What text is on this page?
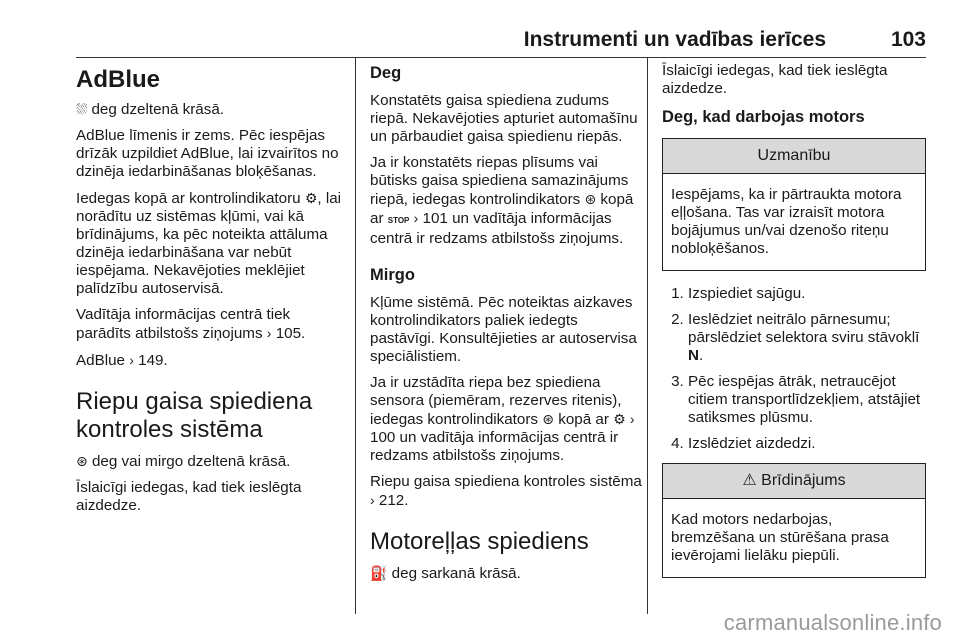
Instrumenti un vadības ierīces	103
AdBlue

⛆ deg dzeltenā krāsā.

AdBlue līmenis ir zems. Pēc iespējas drīzāk uzpildiet AdBlue, lai izvairītos no dzinēja iedarbināšanas bloķēšanas.

Iedegas kopā ar kontrolindikatoru ⚙, lai norādītu uz sistēmas kļūmi, vai kā brīdinājums, ka pēc noteikta attāluma dzinēja iedarbināšana var nebūt iespējama. Nekavējoties meklējiet palīdzību autoservisā.

Vadītāja informācijas centrā tiek parādīts atbilstošs ziņojums › 105.

AdBlue › 149.

Riepu gaisa spiediena kontroles sistēma

⊛ deg vai mirgo dzeltenā krāsā.

Īslaicīgi iedegas, kad tiek ieslēgta aizdedze.

Deg

Konstatēts gaisa spiediena zudums riepā. Nekavējoties apturiet automašīnu un pārbaudiet gaisa spiedienu riepās.

Ja ir konstatēts riepas plīsums vai būtisks gaisa spiediena samazinājums riepā, iedegas kontrolindikators ⊛ kopā ar STOP › 101 un vadītāja informācijas centrā ir redzams atbilstošs ziņojums.

Mirgo

Kļūme sistēmā. Pēc noteiktas aizkaves kontrolindikators paliek iedegts pastāvīgi. Konsultējieties ar autoservisa speciālistiem.

Ja ir uzstādīta riepa bez spiediena sensora (piemēram, rezerves ritenis), iedegas kontrolindikators ⊛ kopā ar ⚙ › 100 un vadītāja informācijas centrā ir redzams atbilstošs ziņojums.

Riepu gaisa spiediena kontroles sistēma › 212.

Motoreļļas spiediens

⛽ deg sarkanā krāsā.

Īslaicīgi iedegas, kad tiek ieslēgta aizdedze.

Deg, kad darbojas motors
Uzmanību
Iespējams, ka ir pārtraukta motora eļļošana. Tas var izraisīt motora bojājumus un/vai dzenošo riteņu nobloķēšanos.
1. Izspiediet sajūgu.
2. Ieslēdziet neitrālo pārnesumu; pārslēdziet selektora sviru stāvoklī N.
3. Pēc iespējas ātrāk, netraucējot citiem transportlīdzekļiem, atstājiet satiksmes plūsmu.
4. Izslēdziet aizdedzi.
⚠ Brīdinājums
Kad motors nedarbojas, bremzēšana un stūrēšana prasa ievērojami lielāku piepūli.
carmanualsonline.info
